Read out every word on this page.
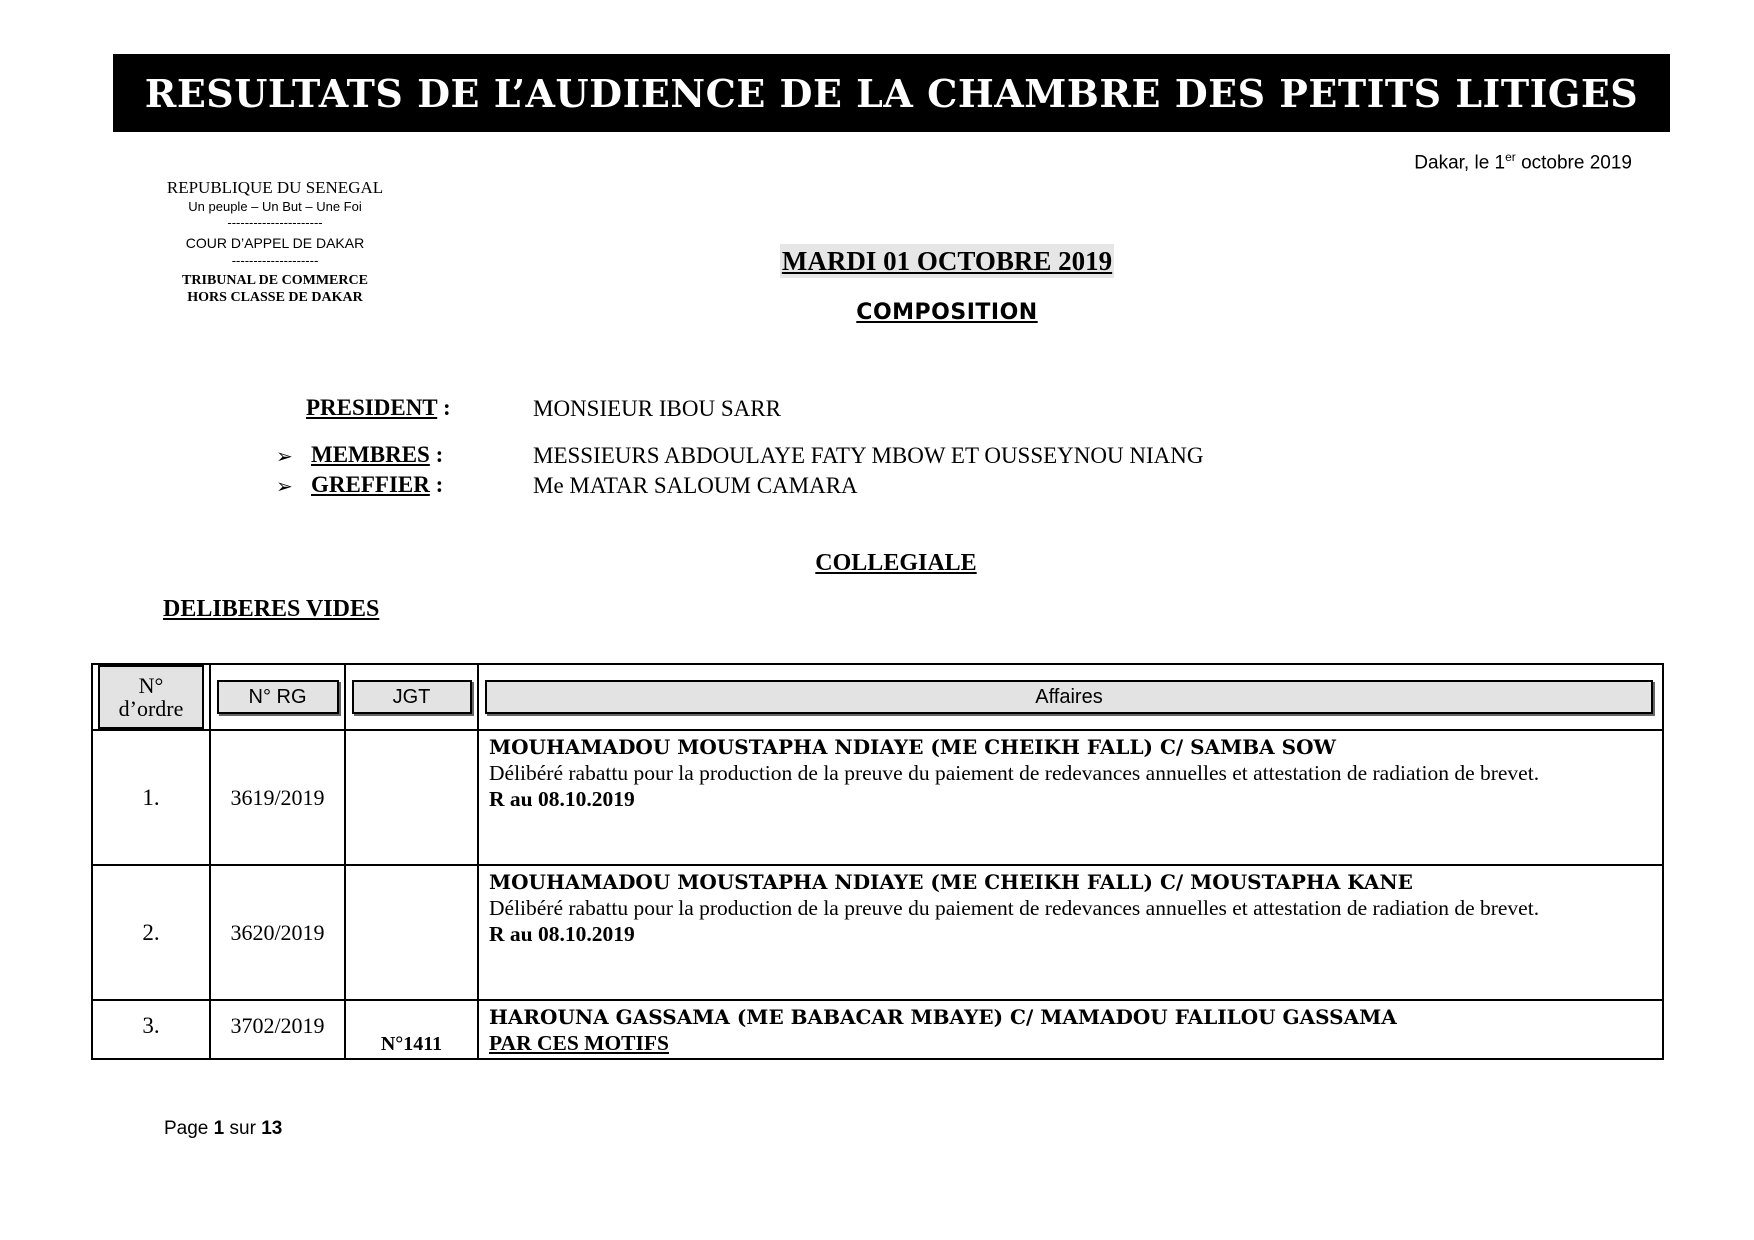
RESULTATS DE L’AUDIENCE DE LA CHAMBRE DES PETITS LITIGES
Dakar, le 1er octobre 2019
REPUBLIQUE DU SENEGAL
Un peuple – Un But – Une Foi
----------------------
COUR D’APPEL DE DAKAR
--------------------
TRIBUNAL DE COMMERCE
HORS CLASSE DE DAKAR
MARDI 01 OCTOBRE 2019
COMPOSITION
PRESIDENT :	MONSIEUR IBOU SARR
➢ MEMBRES :	MESSIEURS ABDOULAYE FATY MBOW ET OUSSEYNOU NIANG
➢ GREFFIER :	Me MATAR SALOUM CAMARA
COLLEGIALE
DELIBERES VIDES
N°
d’ordre	N° RG	JGT	Affaires

1.	3619/2019		MOUHAMADOU MOUSTAPHA NDIAYE (ME CHEIKH FALL) C/ SAMBA SOW
Délibéré rabattu pour la production de la preuve du paiement de redevances annuelles et attestation de radiation de brevet.
R au 08.10.2019

2.	3620/2019		MOUHAMADOU MOUSTAPHA NDIAYE (ME CHEIKH FALL) C/ MOUSTAPHA KANE
Délibéré rabattu pour la production de la preuve du paiement de redevances annuelles et attestation de radiation de brevet.
R au 08.10.2019

3.	3702/2019	N°1411	HAROUNA GASSAMA (ME BABACAR MBAYE) C/ MAMADOU FALILOU GASSAMA
PAR CES MOTIFS
Page 1 sur 13
